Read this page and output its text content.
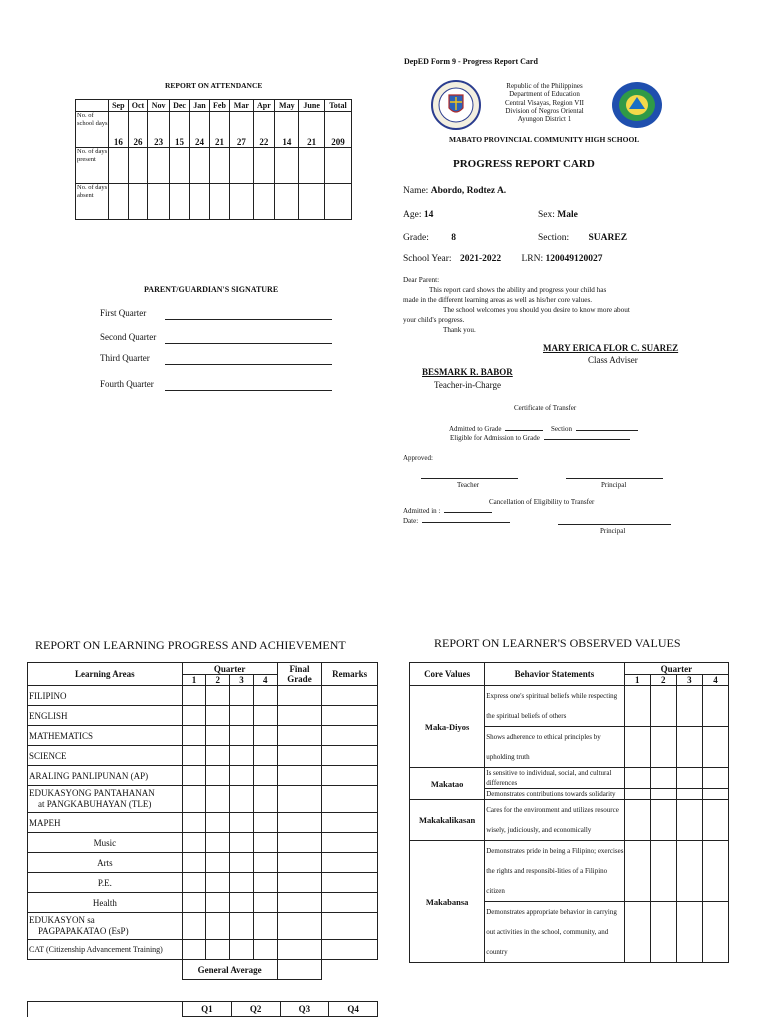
REPORT ON ATTENDANCE
	Sep	Oct	Nov	Dec	Jan	Feb	Mar	Apr	May	June	Total
No. of school days	16	26	23	15	24	21	27	22	14	21	209
No. of days present											
No. of days absent											
PARENT/GUARDIAN'S SIGNATURE
First Quarter
Second Quarter
Third Quarter
Fourth Quarter
DepED Form 9 - Progress Report Card
Republic of the Philippines
Department of Education
Central Visayas, Region VII
Division of Negros Oriental
Ayungon District 1
MABATO PROVINCIAL COMMUNITY HIGH SCHOOL
PROGRESS REPORT CARD
Name: Abordo, Rodtez A.
Age: 14	Sex: Male
Grade: 8	Section: SUAREZ
School Year: 2021-2022 LRN: 120049120027
Dear Parent:
This report card shows the ability and progress your child has
made in the different learning areas as well as his/her core values.
The school welcomes you should you desire to know more about
your child's progress.
Thank you.
MARY ERICA FLOR C. SUAREZ
Class Adviser
BESMARK R. BABOR
Teacher-in-Charge
Certificate of Transfer
Admitted to Grade	Section
Eligible for Admission to Grade
Approved:
Teacher	Principal
Cancellation of Eligibility to Transfer
Admitted in :
Date:
Principal
REPORT ON LEARNING PROGRESS AND ACHIEVEMENT
Learning Areas	Quarter				Final Grade	Remarks
	1	2	3	4		
FILIPINO						
ENGLISH						
MATHEMATICS						
SCIENCE						
ARALING PANLIPUNAN (AP)						
EDUKASYONG PANTAHANAN
at PANGKABUHAYAN (TLE)						
MAPEH						
Music						
Arts						
P.E.						
Health						
EDUKASYON sa
PAGPAPAKATAO (EsP)						
CAT (Citizenship Advancement Training)						
	General Average					
	Q1	Q2	Q3	Q4
REPORT ON LEARNER'S OBSERVED VALUES
Core Values	Behavior Statements	Quarter			
		1	2	3	4
Maka-Diyos	Express one's spiritual beliefs while respecting the spiritual beliefs of others				
	Shows adherence to ethical principles by upholding truth				
Makatao	Is sensitive to individual, social, and cultural differences				
	Demonstrates contributions towards solidarity				
Makakalikasan	Cares for the environment and utilizes resource wisely, judiciously, and economically				
Makabansa	Demonstrates pride in being a Filipino; exercises the rights and responsibi-lities of a Filipino citizen				
	Demonstrates appropriate behavior in carrying out activities in the school, community, and country				
